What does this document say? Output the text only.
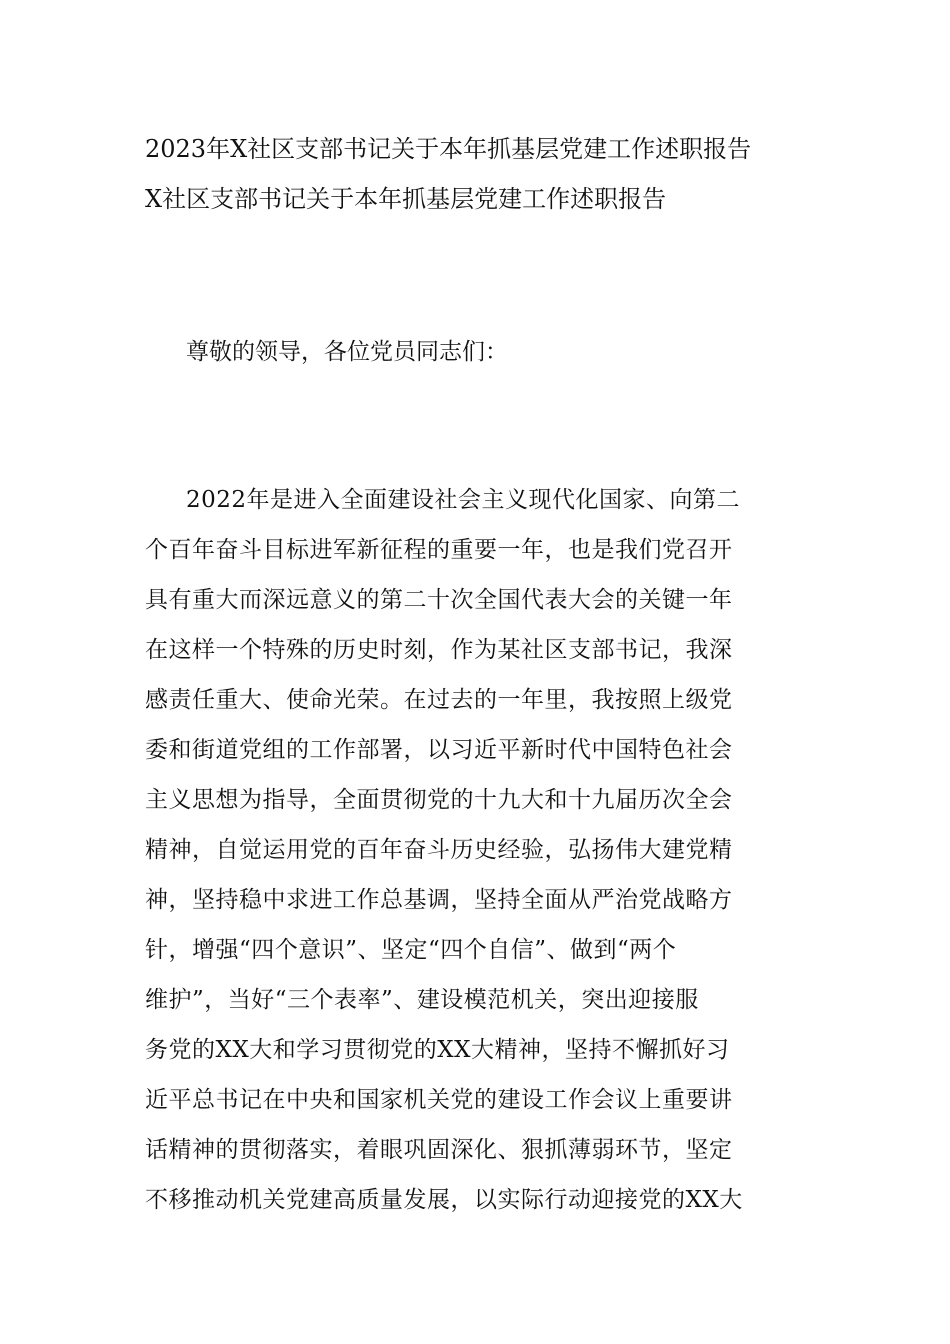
2023年X社区支部书记关于本年抓基层党建工作述职报告
X社区支部书记关于本年抓基层党建工作述职报告
尊敬的领导，各位党员同志们：
2022年是进入全面建设社会主义现代化国家、向第二
个百年奋斗目标进军新征程的重要一年，也是我们党召开
具有重大而深远意义的第二十次全国代表大会的关键一年
在这样一个特殊的历史时刻，作为某社区支部书记，我深
感责任重大、使命光荣。在过去的一年里，我按照上级党
委和街道党组的工作部署，以习近平新时代中国特色社会
主义思想为指导，全面贯彻党的十九大和十九届历次全会
精神，自觉运用党的百年奋斗历史经验，弘扬伟大建党精
神，坚持稳中求进工作总基调，坚持全面从严治党战略方
针，增强“四个意识”、坚定“四个自信”、做到“两个
维护”，当好“三个表率”、建设模范机关，突出迎接服
务党的XX大和学习贯彻党的XX大精神，坚持不懈抓好习
近平总书记在中央和国家机关党的建设工作会议上重要讲
话精神的贯彻落实，着眼巩固深化、狠抓薄弱环节，坚定
不移推动机关党建高质量发展，以实际行动迎接党的XX大
